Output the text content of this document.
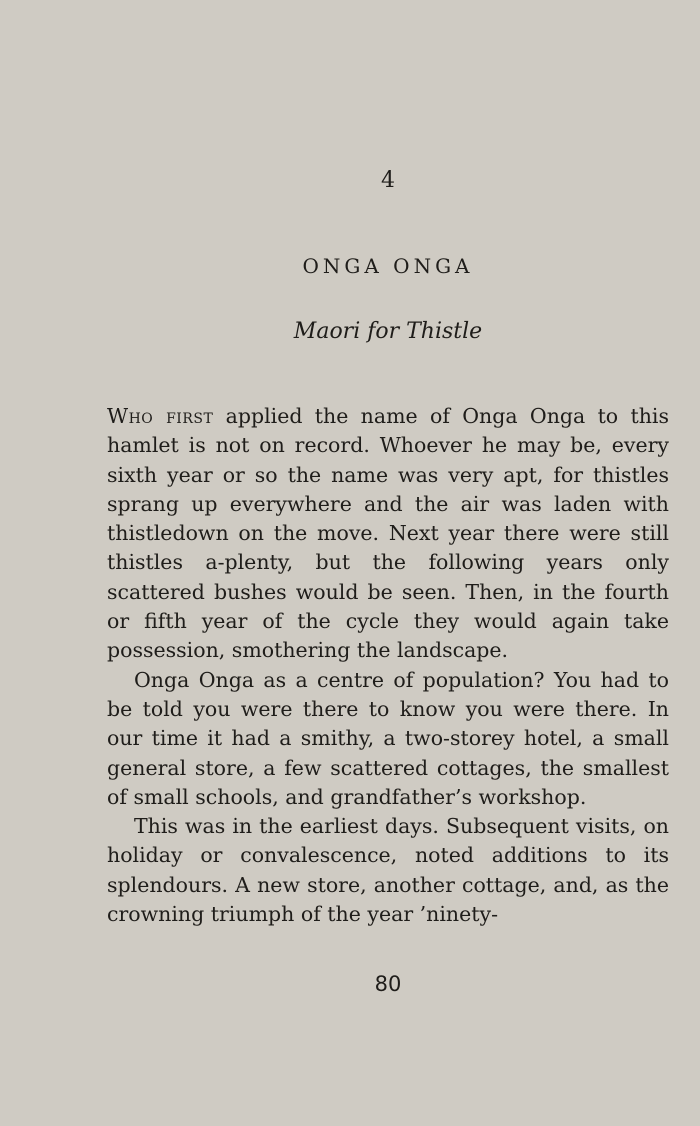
4
ONGA ONGA
Maori for Thistle

Who first applied the name of Onga Onga to this hamlet is not on record. Whoever he may be, every sixth year or so the name was very apt, for thistles sprang up everywhere and the air was laden with thistledown on the move. Next year there were still thistles a-plenty, but the following years only scattered bushes would be seen. Then, in the fourth or fifth year of the cycle they would again take possession, smothering the landscape.

Onga Onga as a centre of population? You had to be told you were there to know you were there. In our time it had a smithy, a two-storey hotel, a small general store, a few scattered cottages, the smallest of small schools, and grandfather’s workshop.

This was in the earliest days. Subsequent visits, on holiday or convalescence, noted additions to its splendours. A new store, another cottage, and, as the crowning triumph of the year ’ninety-

80
